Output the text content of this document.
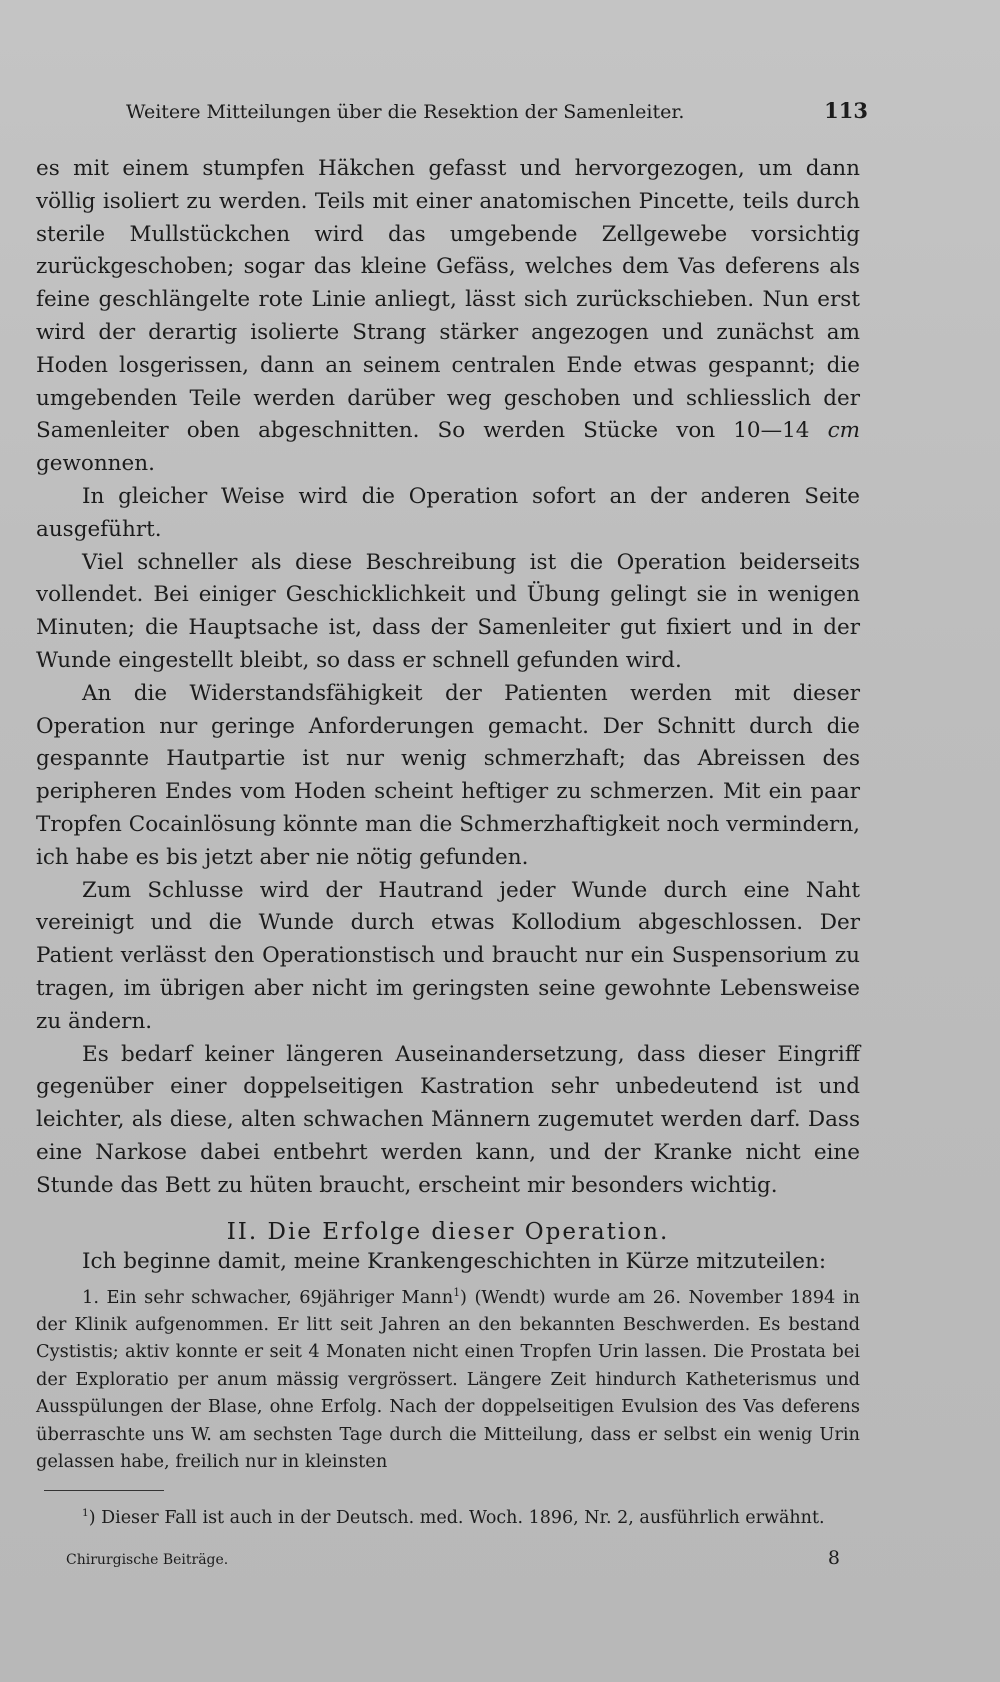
Weitere Mitteilungen über die Resektion der Samenleiter.	113

es mit einem stumpfen Häkchen gefasst und hervorgezogen, um dann völlig isoliert zu werden. Teils mit einer anatomischen Pincette, teils durch sterile Mullstückchen wird das umgebende Zellgewebe vorsichtig zurückgeschoben; sogar das kleine Gefäss, welches dem Vas deferens als feine geschlängelte rote Linie anliegt, lässt sich zurückschieben. Nun erst wird der derartig isolierte Strang stärker angezogen und zunächst am Hoden losgerissen, dann an seinem centralen Ende etwas gespannt; die umgebenden Teile werden darüber weg geschoben und schliesslich der Samenleiter oben abgeschnitten. So werden Stücke von 10—14 cm gewonnen.

In gleicher Weise wird die Operation sofort an der anderen Seite ausgeführt.

Viel schneller als diese Beschreibung ist die Operation beiderseits vollendet. Bei einiger Geschicklichkeit und Übung gelingt sie in wenigen Minuten; die Hauptsache ist, dass der Samenleiter gut fixiert und in der Wunde eingestellt bleibt, so dass er schnell gefunden wird.

An die Widerstandsfähigkeit der Patienten werden mit dieser Operation nur geringe Anforderungen gemacht. Der Schnitt durch die gespannte Hautpartie ist nur wenig schmerzhaft; das Abreissen des peripheren Endes vom Hoden scheint heftiger zu schmerzen. Mit ein paar Tropfen Cocainlösung könnte man die Schmerzhaftigkeit noch vermindern, ich habe es bis jetzt aber nie nötig gefunden.

Zum Schlusse wird der Hautrand jeder Wunde durch eine Naht vereinigt und die Wunde durch etwas Kollodium abgeschlossen. Der Patient verlässt den Operationstisch und braucht nur ein Suspensorium zu tragen, im übrigen aber nicht im geringsten seine gewohnte Lebensweise zu ändern.

Es bedarf keiner längeren Auseinandersetzung, dass dieser Eingriff gegenüber einer doppelseitigen Kastration sehr unbedeutend ist und leichter, als diese, alten schwachen Männern zugemutet werden darf. Dass eine Narkose dabei entbehrt werden kann, und der Kranke nicht eine Stunde das Bett zu hüten braucht, erscheint mir besonders wichtig.

II. Die Erfolge dieser Operation.

Ich beginne damit, meine Krankengeschichten in Kürze mitzuteilen:

1. Ein sehr schwacher, 69jähriger Mann$^1$) (Wendt) wurde am 26. November 1894 in der Klinik aufgenommen. Er litt seit Jahren an den bekannten Beschwerden. Es bestand Cystistis; aktiv konnte er seit 4 Monaten nicht einen Tropfen Urin lassen. Die Prostata bei der Exploratio per anum mässig vergrössert. Längere Zeit hindurch Katheterismus und Ausspülungen der Blase, ohne Erfolg. Nach der doppelseitigen Evulsion des Vas deferens überraschte uns W. am sechsten Tage durch die Mitteilung, dass er selbst ein wenig Urin gelassen habe, freilich nur in kleinsten

$^1$) Dieser Fall ist auch in der Deutsch. med. Woch. 1896, Nr. 2, ausführlich erwähnt.

Chirurgische Beiträge.	8
